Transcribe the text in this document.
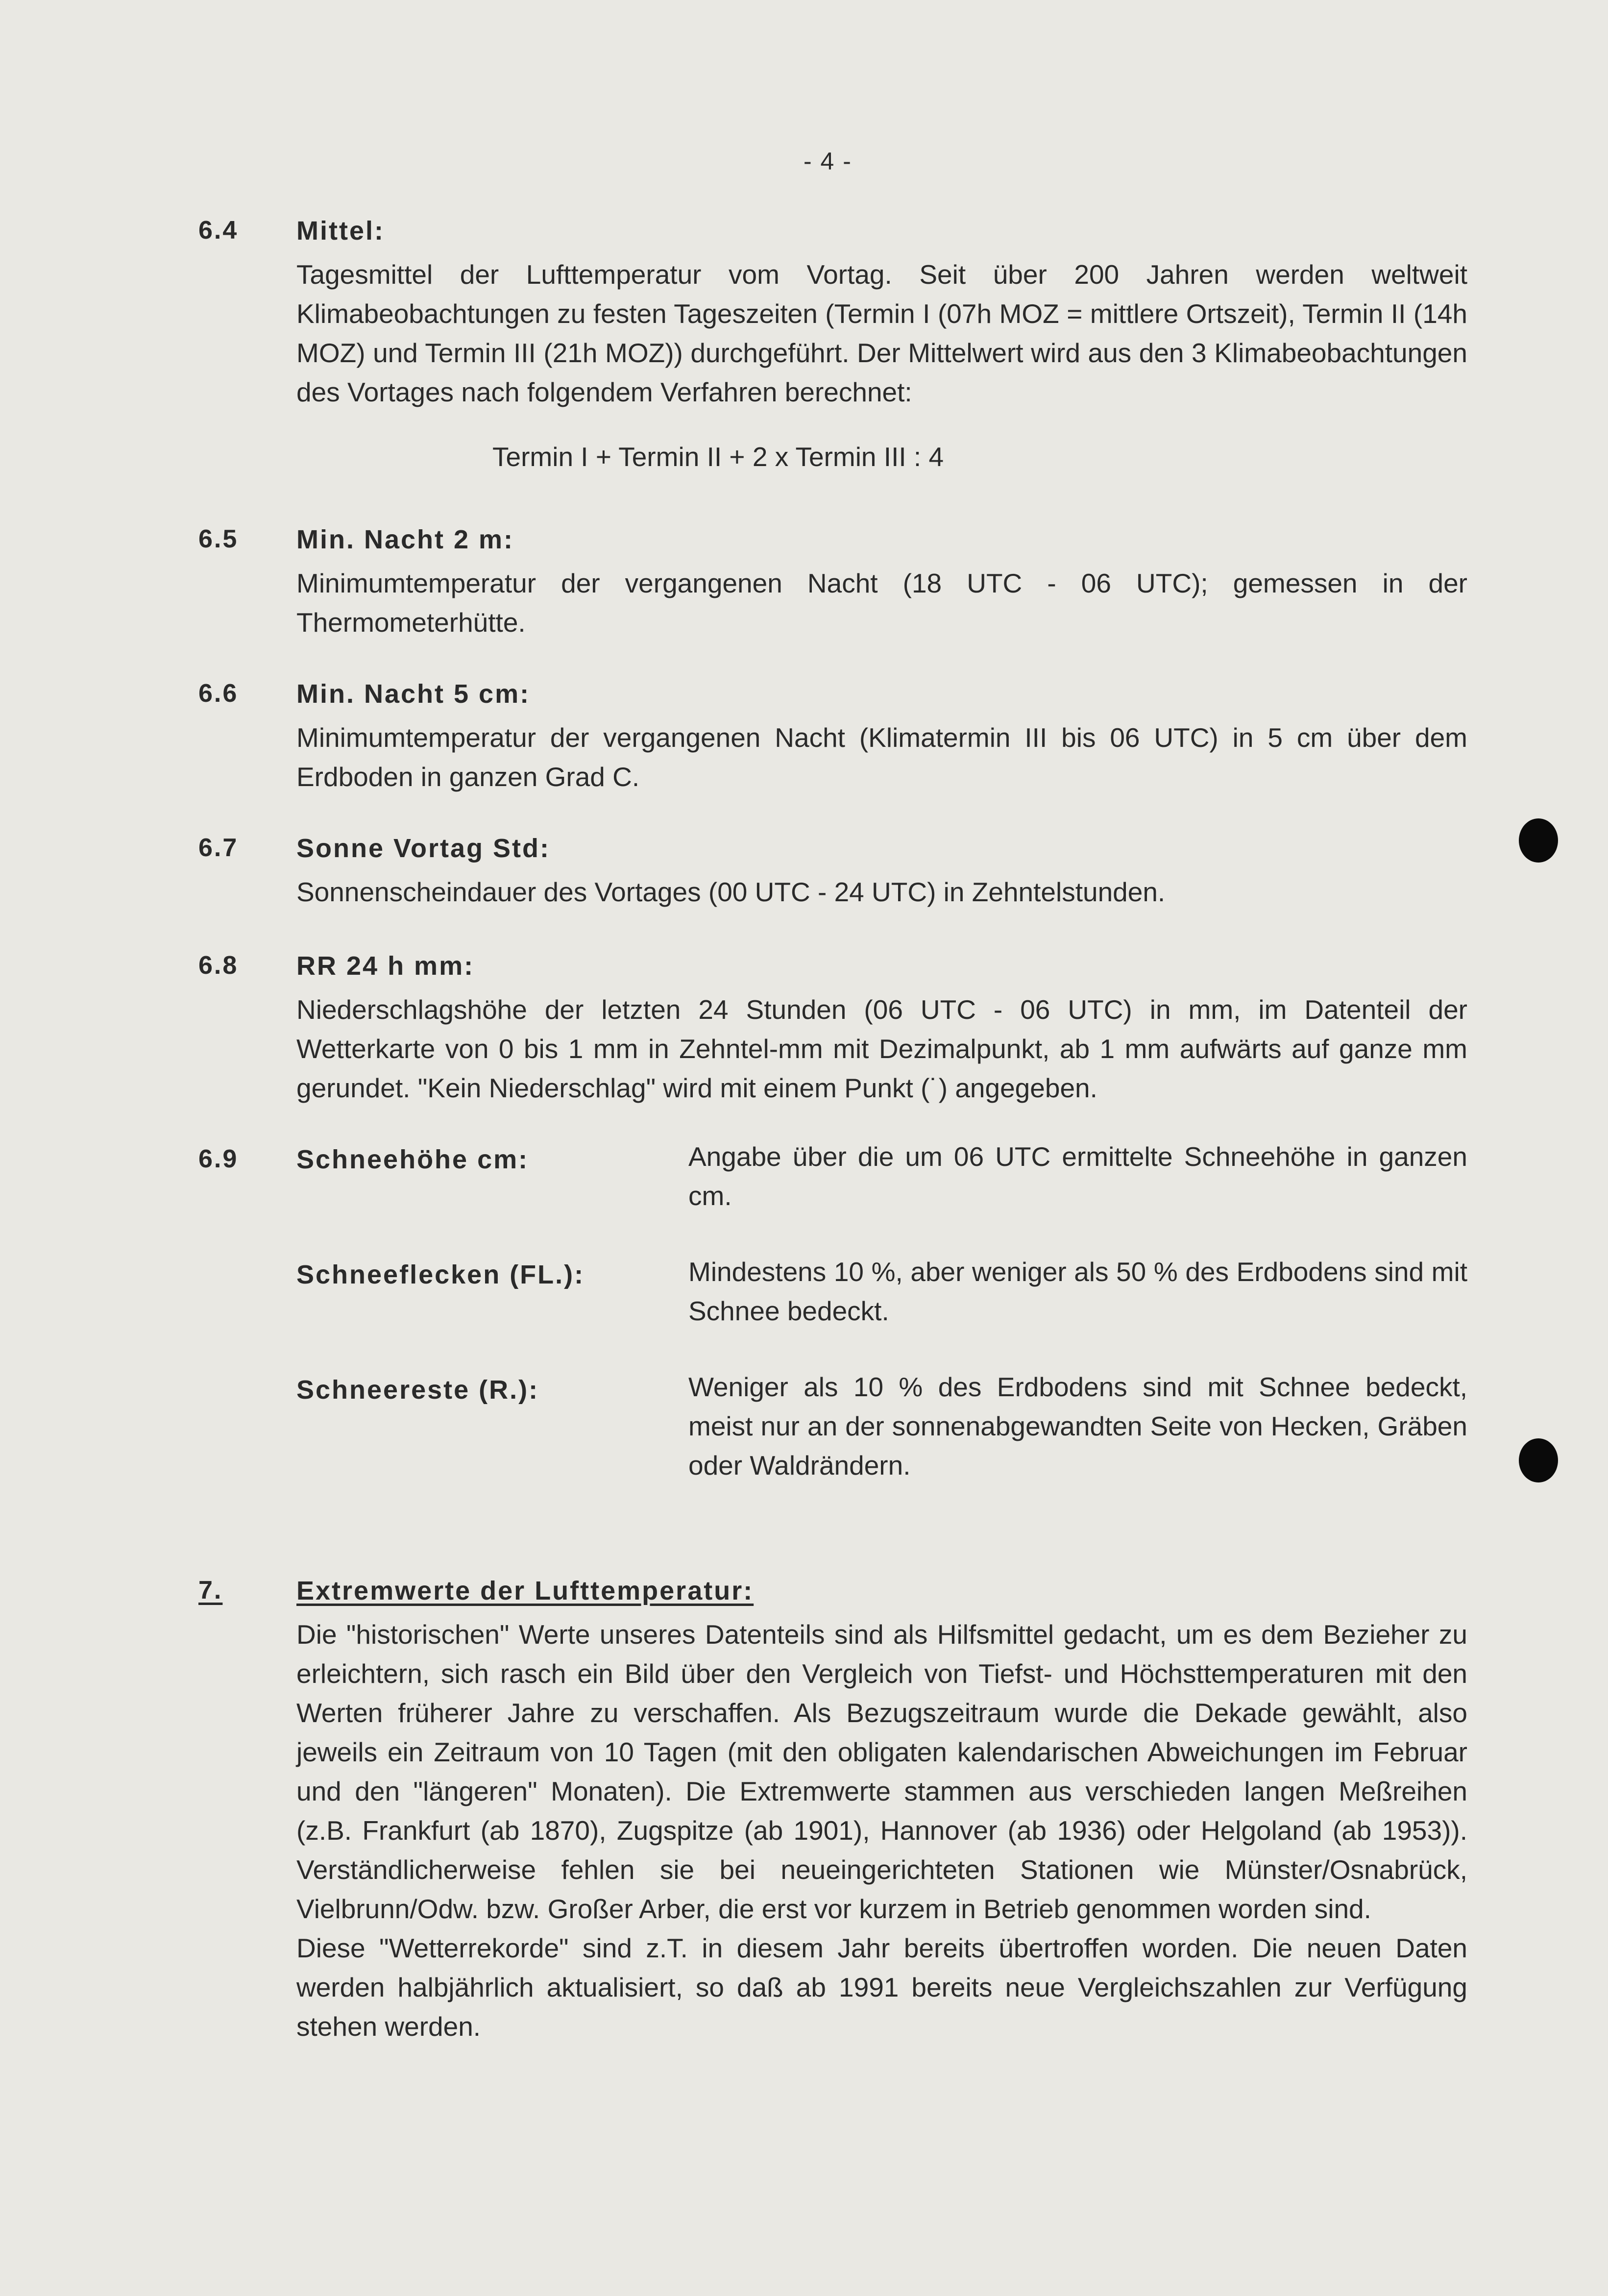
- 4 -
6.4 Mittel:

Tagesmittel der Lufttemperatur vom Vortag. Seit über 200 Jahren werden weltweit Klimabeobachtungen zu festen Tageszeiten (Termin I (07h MOZ = mittlere Ortszeit), Termin II (14h MOZ) und Termin III (21h MOZ)) durchgeführt. Der Mittelwert wird aus den 3 Klimabeobachtungen des Vortages nach folgendem Verfahren berechnet:

Termin I + Termin II + 2 x Termin III : 4
6.5 Min. Nacht 2 m:

Minimumtemperatur der vergangenen Nacht (18 UTC - 06 UTC); gemessen in der Thermometerhütte.

6.6 Min. Nacht 5 cm:

Minimumtemperatur der vergangenen Nacht (Klimatermin III bis 06 UTC) in 5 cm über dem Erdboden in ganzen Grad C.

6.7 Sonne Vortag Std:

Sonnenscheindauer des Vortages (00 UTC - 24 UTC) in Zehntelstunden.

6.8 RR 24 h mm:

Niederschlagshöhe der letzten 24 Stunden (06 UTC - 06 UTC) in mm, im Datenteil der Wetterkarte von 0 bis 1 mm in Zehntel-mm mit Dezimalpunkt, ab 1 mm aufwärts auf ganze mm gerundet. "Kein Niederschlag" wird mit einem Punkt (˙) angegeben.

6.9 Schneehöhe cm:	Angabe über die um 06 UTC ermittelte Schneehöhe in ganzen cm.
Schneeflecken (FL.):	Mindestens 10 %, aber weniger als 50 % des Erdbodens sind mit Schnee bedeckt.
Schneereste (R.):	Weniger als 10 % des Erdbodens sind mit Schnee bedeckt, meist nur an der sonnenabgewandten Seite von Hecken, Gräben oder Waldrändern.
7.	Extremwerte der Lufttemperatur:

Die "historischen" Werte unseres Datenteils sind als Hilfsmittel gedacht, um es dem Bezieher zu erleichtern, sich rasch ein Bild über den Vergleich von Tiefst- und Höchsttemperaturen mit den Werten früherer Jahre zu verschaffen. Als Bezugszeitraum wurde die Dekade gewählt, also jeweils ein Zeitraum von 10 Tagen (mit den obligaten kalendarischen Abweichungen im Februar und den "längeren" Monaten). Die Extremwerte stammen aus verschieden langen Meßreihen (z.B. Frankfurt (ab 1870), Zugspitze (ab 1901), Hannover (ab 1936) oder Helgoland (ab 1953)). Verständlicherweise fehlen sie bei neueingerichteten Stationen wie Münster/Osnabrück, Vielbrunn/Odw. bzw. Großer Arber, die erst vor kurzem in Betrieb genommen worden sind.

Diese "Wetterrekorde" sind z.T. in diesem Jahr bereits übertroffen worden. Die neuen Daten werden halbjährlich aktualisiert, so daß ab 1991 bereits neue Vergleichszahlen zur Verfügung stehen werden.
